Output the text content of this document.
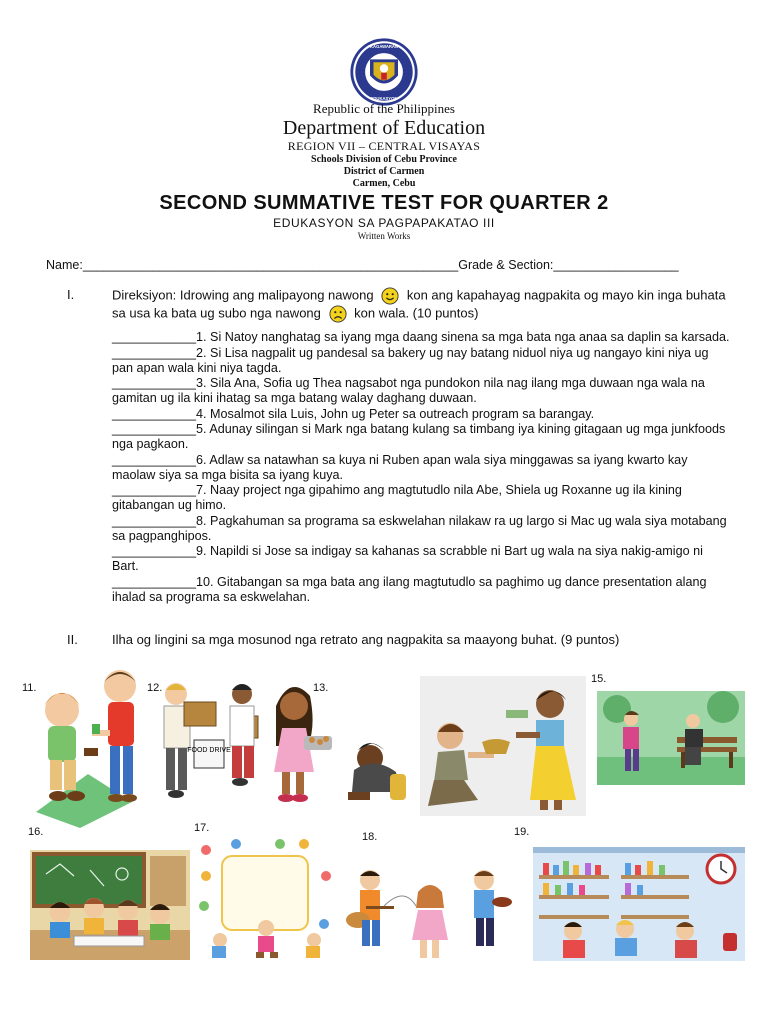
KAGAWARAN
EDUKASYON
Republic of the Philippines
Department of Education
REGION VII – CENTRAL VISAYAS
Schools Division of Cebu Province
District of Carmen
Carmen, Cebu
SECOND SUMMATIVE TEST FOR QUARTER 2
EDUKASYON SA PAGPAPAKATAO III
Written Works
Name:______________________________________________________Grade & Section:__________________
I.	Direksiyon: Idrowing ang malipayong nawong	kon ang kapahayag nagpakita og mayo kin inga buhata sa usa ka bata ug subo nga nawong	kon wala. (10 puntos)
____________1. Si Natoy nanghatag sa iyang mga daang sinena sa mga bata nga anaa sa daplin sa karsada.
____________2. Si Lisa nagpalit ug pandesal sa bakery ug nay batang niduol niya ug nangayo kini niya ug pan apan wala kini niya tagda.
____________3. Sila Ana, Sofia ug Thea nagsabot nga pundokon nila nag ilang mga duwaan nga wala na gamitan ug ila kini ihatag sa mga batang walay daghang duwaan.
____________4. Mosalmot sila Luis, John ug Peter sa outreach program sa barangay.
____________5. Adunay silingan si Mark nga batang kulang sa timbang iya kining gitagaan ug mga junkfoods nga pagkaon.
____________6. Adlaw sa natawhan sa kuya ni Ruben apan wala siya minggawas sa iyang kwarto kay maolaw siya sa mga bisita sa iyang kuya.
____________7. Naay project nga gipahimo ang magtutudlo nila Abe, Shiela ug Roxanne ug ila kining gitabangan ug himo.
____________8. Pagkahuman sa programa sa eskwelahan nilakaw ra ug largo si Mac ug wala siya motabang sa pagpanghipos.
____________9. Napildi si Jose sa indigay sa kahanas sa scrabble ni Bart ug wala na siya nakig-amigo ni Bart.
____________10. Gitabangan sa mga bata ang ilang magtutudlo sa paghimo ug dance presentation alang ihalad sa programa sa eskwelahan.
II.	Ilha og lingini sa mga mosunod nga retrato ang nagpakita sa maayong buhat. (9 puntos)
11.	12.	13.
15.
16.	17.
18.	19.
FOOD DRIVE
